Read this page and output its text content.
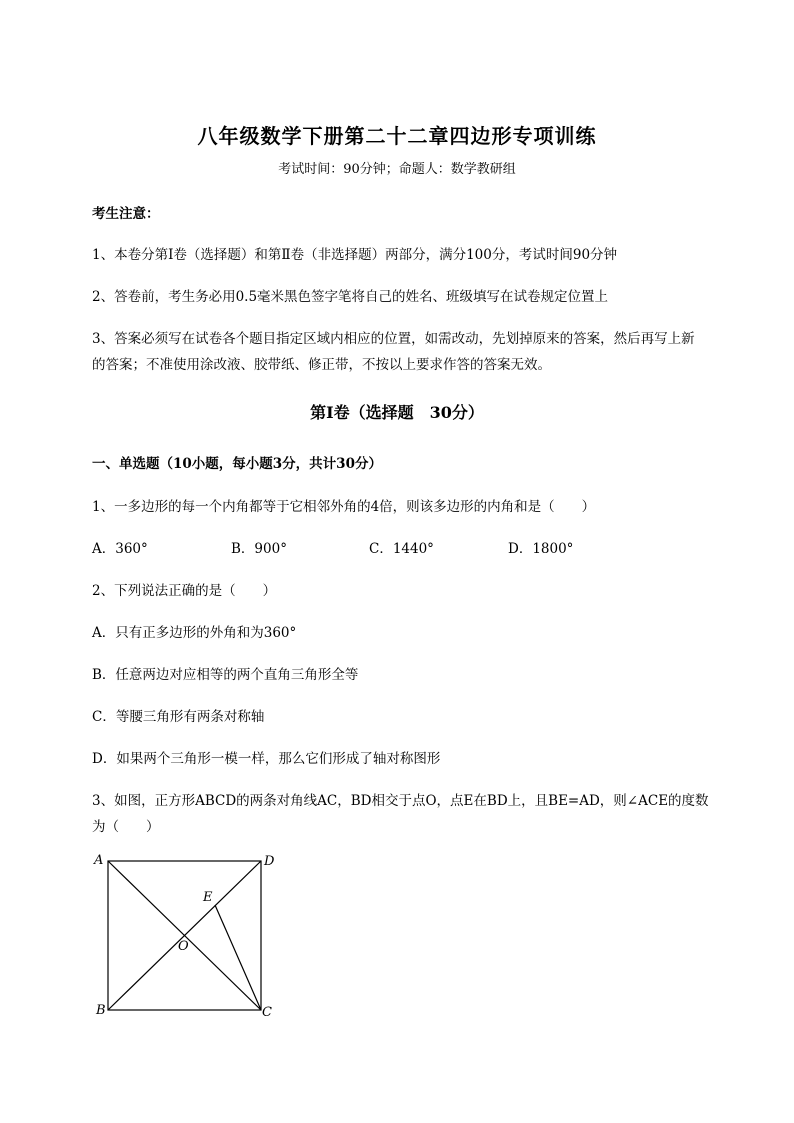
八年级数学下册第二十二章四边形专项训练
考试时间：90分钟；命题人：数学教研组
考生注意：
1、本卷分第Ⅰ卷（选择题）和第Ⅱ卷（非选择题）两部分，满分100分，考试时间90分钟
2、答卷前，考生务必用0.5毫米黑色签字笔将自己的姓名、班级填写在试卷规定位置上
3、答案必须写在试卷各个题目指定区域内相应的位置，如需改动，先划掉原来的答案，然后再写上新
的答案；不准使用涂改液、胶带纸、修正带，不按以上要求作答的答案无效。
第Ⅰ卷（选择题　30分）
一、单选题（10小题，每小题3分，共计30分）
1、一多边形的每一个内角都等于它相邻外角的4倍，则该多边形的内角和是（　　）
A．360°	B．900°	C．1440°	D．1800°
2、下列说法正确的是（　　）
A．只有正多边形的外角和为360°
B．任意两边对应相等的两个直角三角形全等
C．等腰三角形有两条对称轴
D．如果两个三角形一模一样，那么它们形成了轴对称图形
3、如图，正方形ABCD的两条对角线AC，BD相交于点O，点E在BD上，且BE=AD，则∠ACE的度数
为（　　）
A	D
B	C
E
O
